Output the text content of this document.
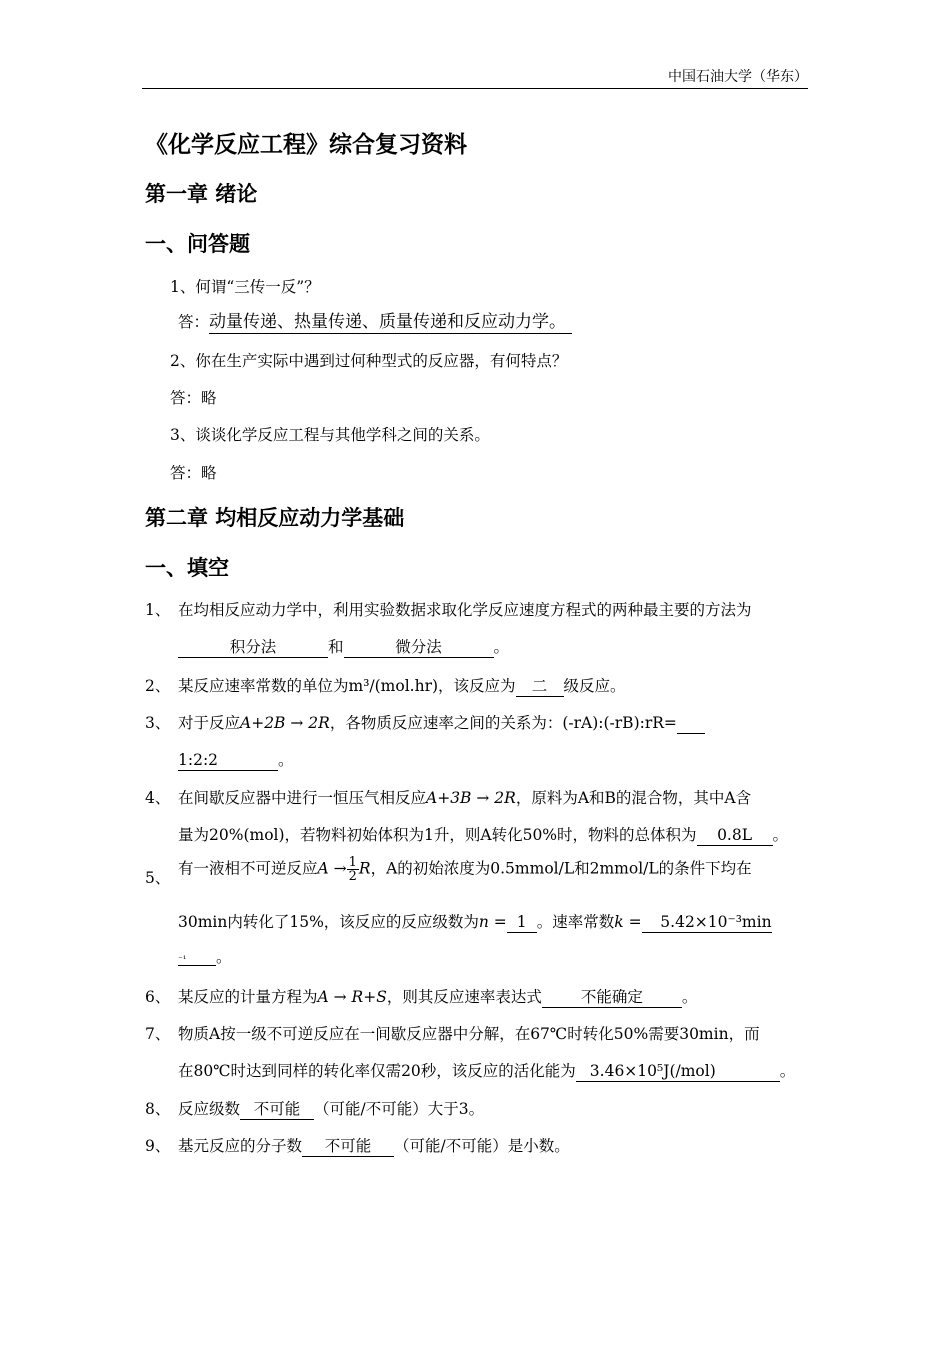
中国石油大学（华东）
《化学反应工程》综合复习资料
第一章 绪论
一、问答题
1、何谓“三传一反”？
答：动量传递、热量传递、质量传递和反应动力学。
2、你在生产实际中遇到过何种型式的反应器，有何特点？
答：略
3、谈谈化学反应工程与其他学科之间的关系。
答：略
第二章 均相反应动力学基础
一、填空
1、 在均相反应动力学中，利用实验数据求取化学反应速度方程式的两种最主要的方法为
积分法	和	微分法	。
2、 某反应速率常数的单位为m³/(mol.hr)，该反应为 二 级反应。
3、 对于反应A+2B → 2R，各物质反应速率之间的关系为：(-rA):(-rB):rR=
1:2:2	。
4、 在间歇反应器中进行一恒压气相反应A+3B → 2R，原料为A和B的混合物，其中A含
量为20%(mol)，若物料初始体积为1升，则A转化50%时，物料的总体积为 0.8L 。
5、
有一液相不可逆反应$A \to \frac{1}{2}$ R，A的初始浓度为0.5mmol/L和2mmol/L的条件下均在
30min内转化了15%，该反应的反应级数为n = 1 。速率常数k = 5.42×10⁻³min
⁻¹ 。
6、 某反应的计量方程为A → R+S，则其反应速率表达式	不能确定	。
7、 物质A按一级不可逆反应在一间歇反应器中分解，在67℃时转化50%需要30min，而
在80℃时达到同样的转化率仅需20秒，该反应的活化能为 3.46×10⁵J(/mol)	。
8、 反应级数 不可能 （可能/不可能）大于3。
9、 基元反应的分子数 不可能 （可能/不可能）是小数。
